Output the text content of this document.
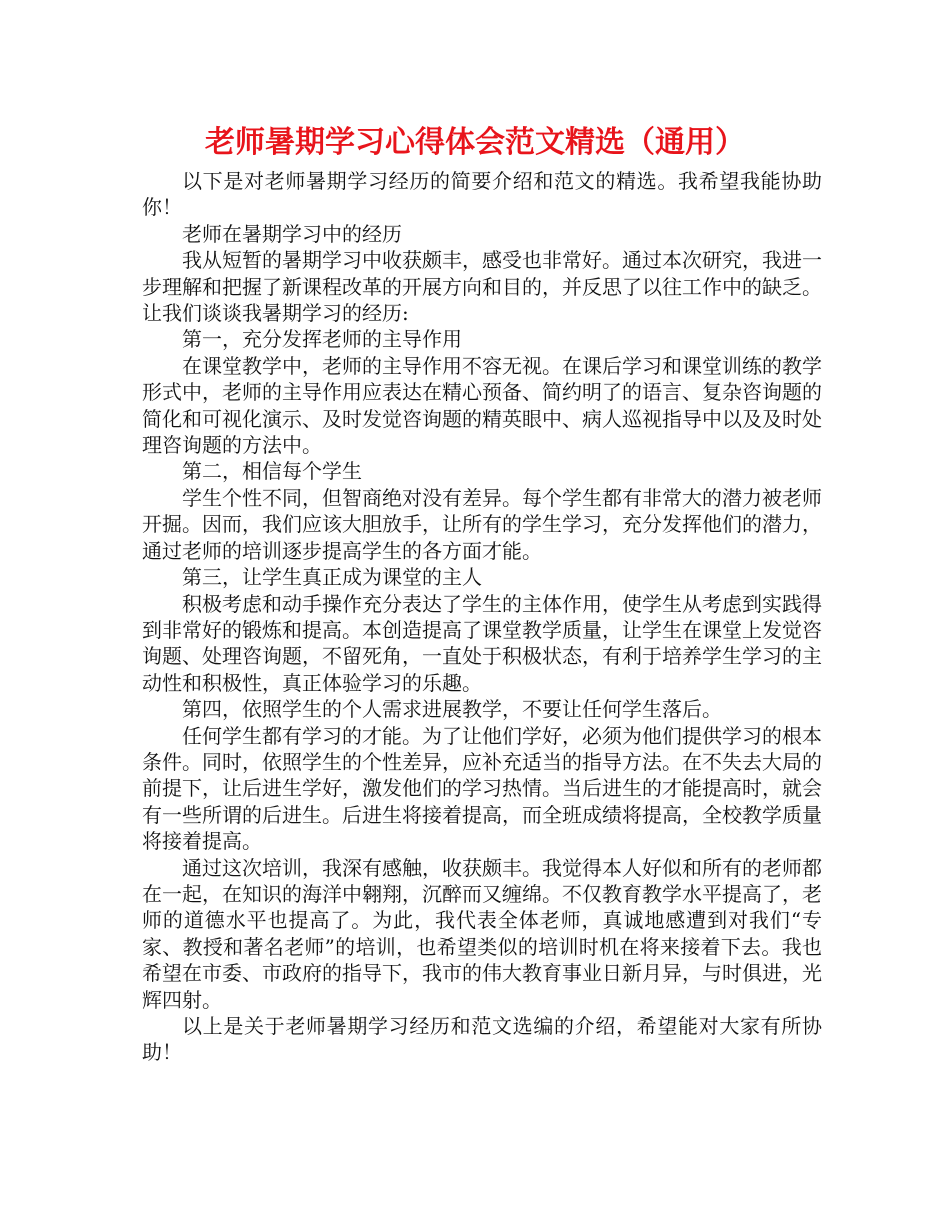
老师暑期学习心得体会范文精选（通用）

以下是对老师暑期学习经历的简要介绍和范文的精选。我希望我能协助你！

老师在暑期学习中的经历

我从短暂的暑期学习中收获颇丰，感受也非常好。通过本次研究，我进一步理解和把握了新课程改革的开展方向和目的，并反思了以往工作中的缺乏。让我们谈谈我暑期学习的经历:

第一，充分发挥老师的主导作用

在课堂教学中，老师的主导作用不容无视。在课后学习和课堂训练的教学形式中，老师的主导作用应表达在精心预备、简约明了的语言、复杂咨询题的简化和可视化演示、及时发觉咨询题的精英眼中、病人巡视指导中以及及时处理咨询题的方法中。

第二，相信每个学生

学生个性不同，但智商绝对没有差异。每个学生都有非常大的潜力被老师开掘。因而，我们应该大胆放手，让所有的学生学习，充分发挥他们的潜力，通过老师的培训逐步提高学生的各方面才能。

第三，让学生真正成为课堂的主人

积极考虑和动手操作充分表达了学生的主体作用，使学生从考虑到实践得到非常好的锻炼和提高。本创造提高了课堂教学质量，让学生在课堂上发觉咨询题、处理咨询题，不留死角，一直处于积极状态，有利于培养学生学习的主动性和积极性，真正体验学习的乐趣。

第四，依照学生的个人需求进展教学，不要让任何学生落后。

任何学生都有学习的才能。为了让他们学好，必须为他们提供学习的根本条件。同时，依照学生的个性差异，应补充适当的指导方法。在不失去大局的前提下，让后进生学好，激发他们的学习热情。当后进生的才能提高时，就会有一些所谓的后进生。后进生将接着提高，而全班成绩将提高，全校教学质量将接着提高。

通过这次培训，我深有感触，收获颇丰。我觉得本人好似和所有的老师都在一起，在知识的海洋中翱翔，沉醉而又缠绵。不仅教育教学水平提高了，老师的道德水平也提高了。为此，我代表全体老师，真诚地感遭到对我们“专家、教授和著名老师”的培训，也希望类似的培训时机在将来接着下去。我也希望在市委、市政府的指导下，我市的伟大教育事业日新月异，与时俱进，光辉四射。

以上是关于老师暑期学习经历和范文选编的介绍，希望能对大家有所协助！
